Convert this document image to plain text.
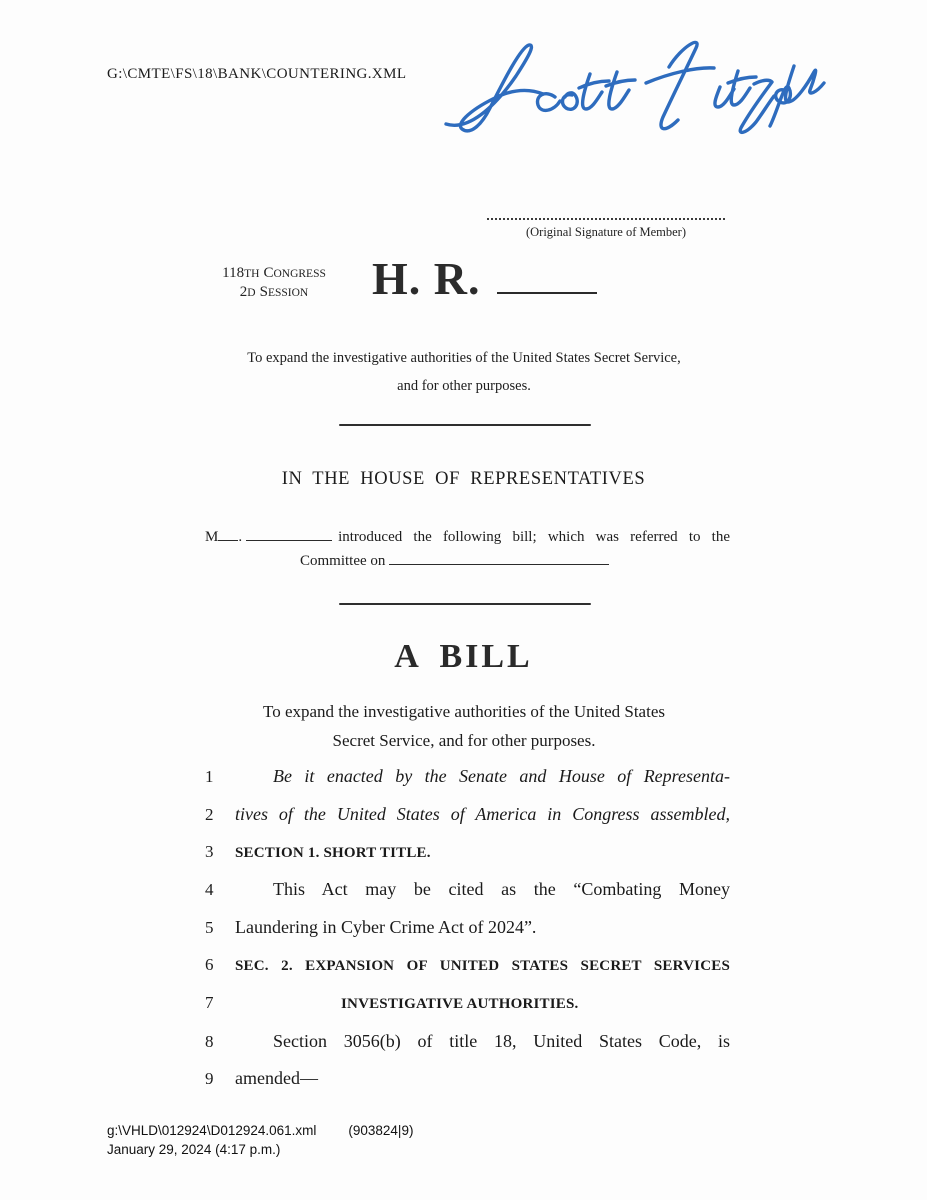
G:\CMTE\FS\18\BANK\COUNTERING.XML
(Original Signature of Member)
118TH CONGRESS
2D SESSION	H. R.
To expand the investigative authorities of the United States Secret Service,
and for other purposes.
IN THE HOUSE OF REPRESENTATIVES
M .	introduced the following bill; which was referred to the
Committee on
A BILL
To expand the investigative authorities of the United States
Secret Service, and for other purposes.
1	Be it enacted by the Senate and House of Representa-
2	tives of the United States of America in Congress assembled,
3	SECTION 1. SHORT TITLE.
4	This Act may be cited as the “Combating Money
5	Laundering in Cyber Crime Act of 2024”.
6	SEC. 2. EXPANSION OF UNITED STATES SECRET SERVICES
7	INVESTIGATIVE AUTHORITIES.
8	Section 3056(b) of title 18, United States Code, is
9	amended—
g:\VHLD\012924\D012924.061.xml (903824|9)
January 29, 2024 (4:17 p.m.)
